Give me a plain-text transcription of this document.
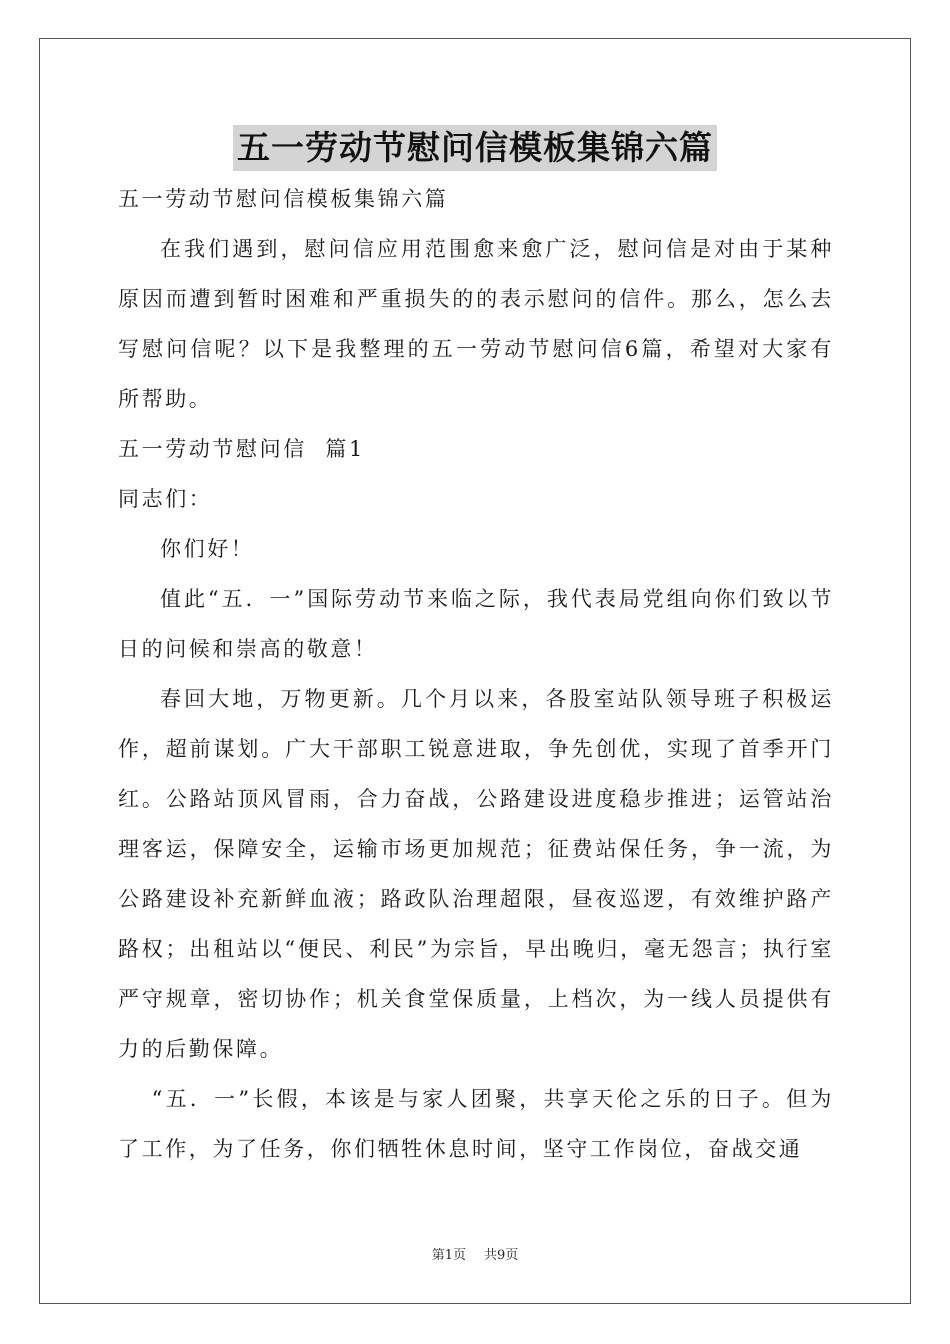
五一劳动节慰问信模板集锦六篇
五一劳动节慰问信模板集锦六篇
在我们遇到，慰问信应用范围愈来愈广泛，慰问信是对由于某种原因而遭到暂时困难和严重损失的的表示慰问的信件。那么，怎么去写慰问信呢？以下是我整理的五一劳动节慰问信6篇，希望对大家有所帮助。
五一劳动节慰问信  篇1
同志们：
你们好！
值此“五．一”国际劳动节来临之际，我代表局党组向你们致以节日的问候和崇高的敬意！
春回大地，万物更新。几个月以来，各股室站队领导班子积极运作，超前谋划。广大干部职工锐意进取，争先创优，实现了首季开门红。公路站顶风冒雨，合力奋战，公路建设进度稳步推进；运管站治理客运，保障安全，运输市场更加规范；征费站保任务，争一流，为公路建设补充新鲜血液；路政队治理超限，昼夜巡逻，有效维护路产路权；出租站以“便民、利民”为宗旨，早出晚归，毫无怨言；执行室严守规章，密切协作；机关食堂保质量，上档次，为一线人员提供有力的后勤保障。
“五．一”长假，本该是与家人团聚，共享天伦之乐的日子。但为了工作，为了任务，你们牺牲休息时间，坚守工作岗位，奋战交通
第1页 共9页
